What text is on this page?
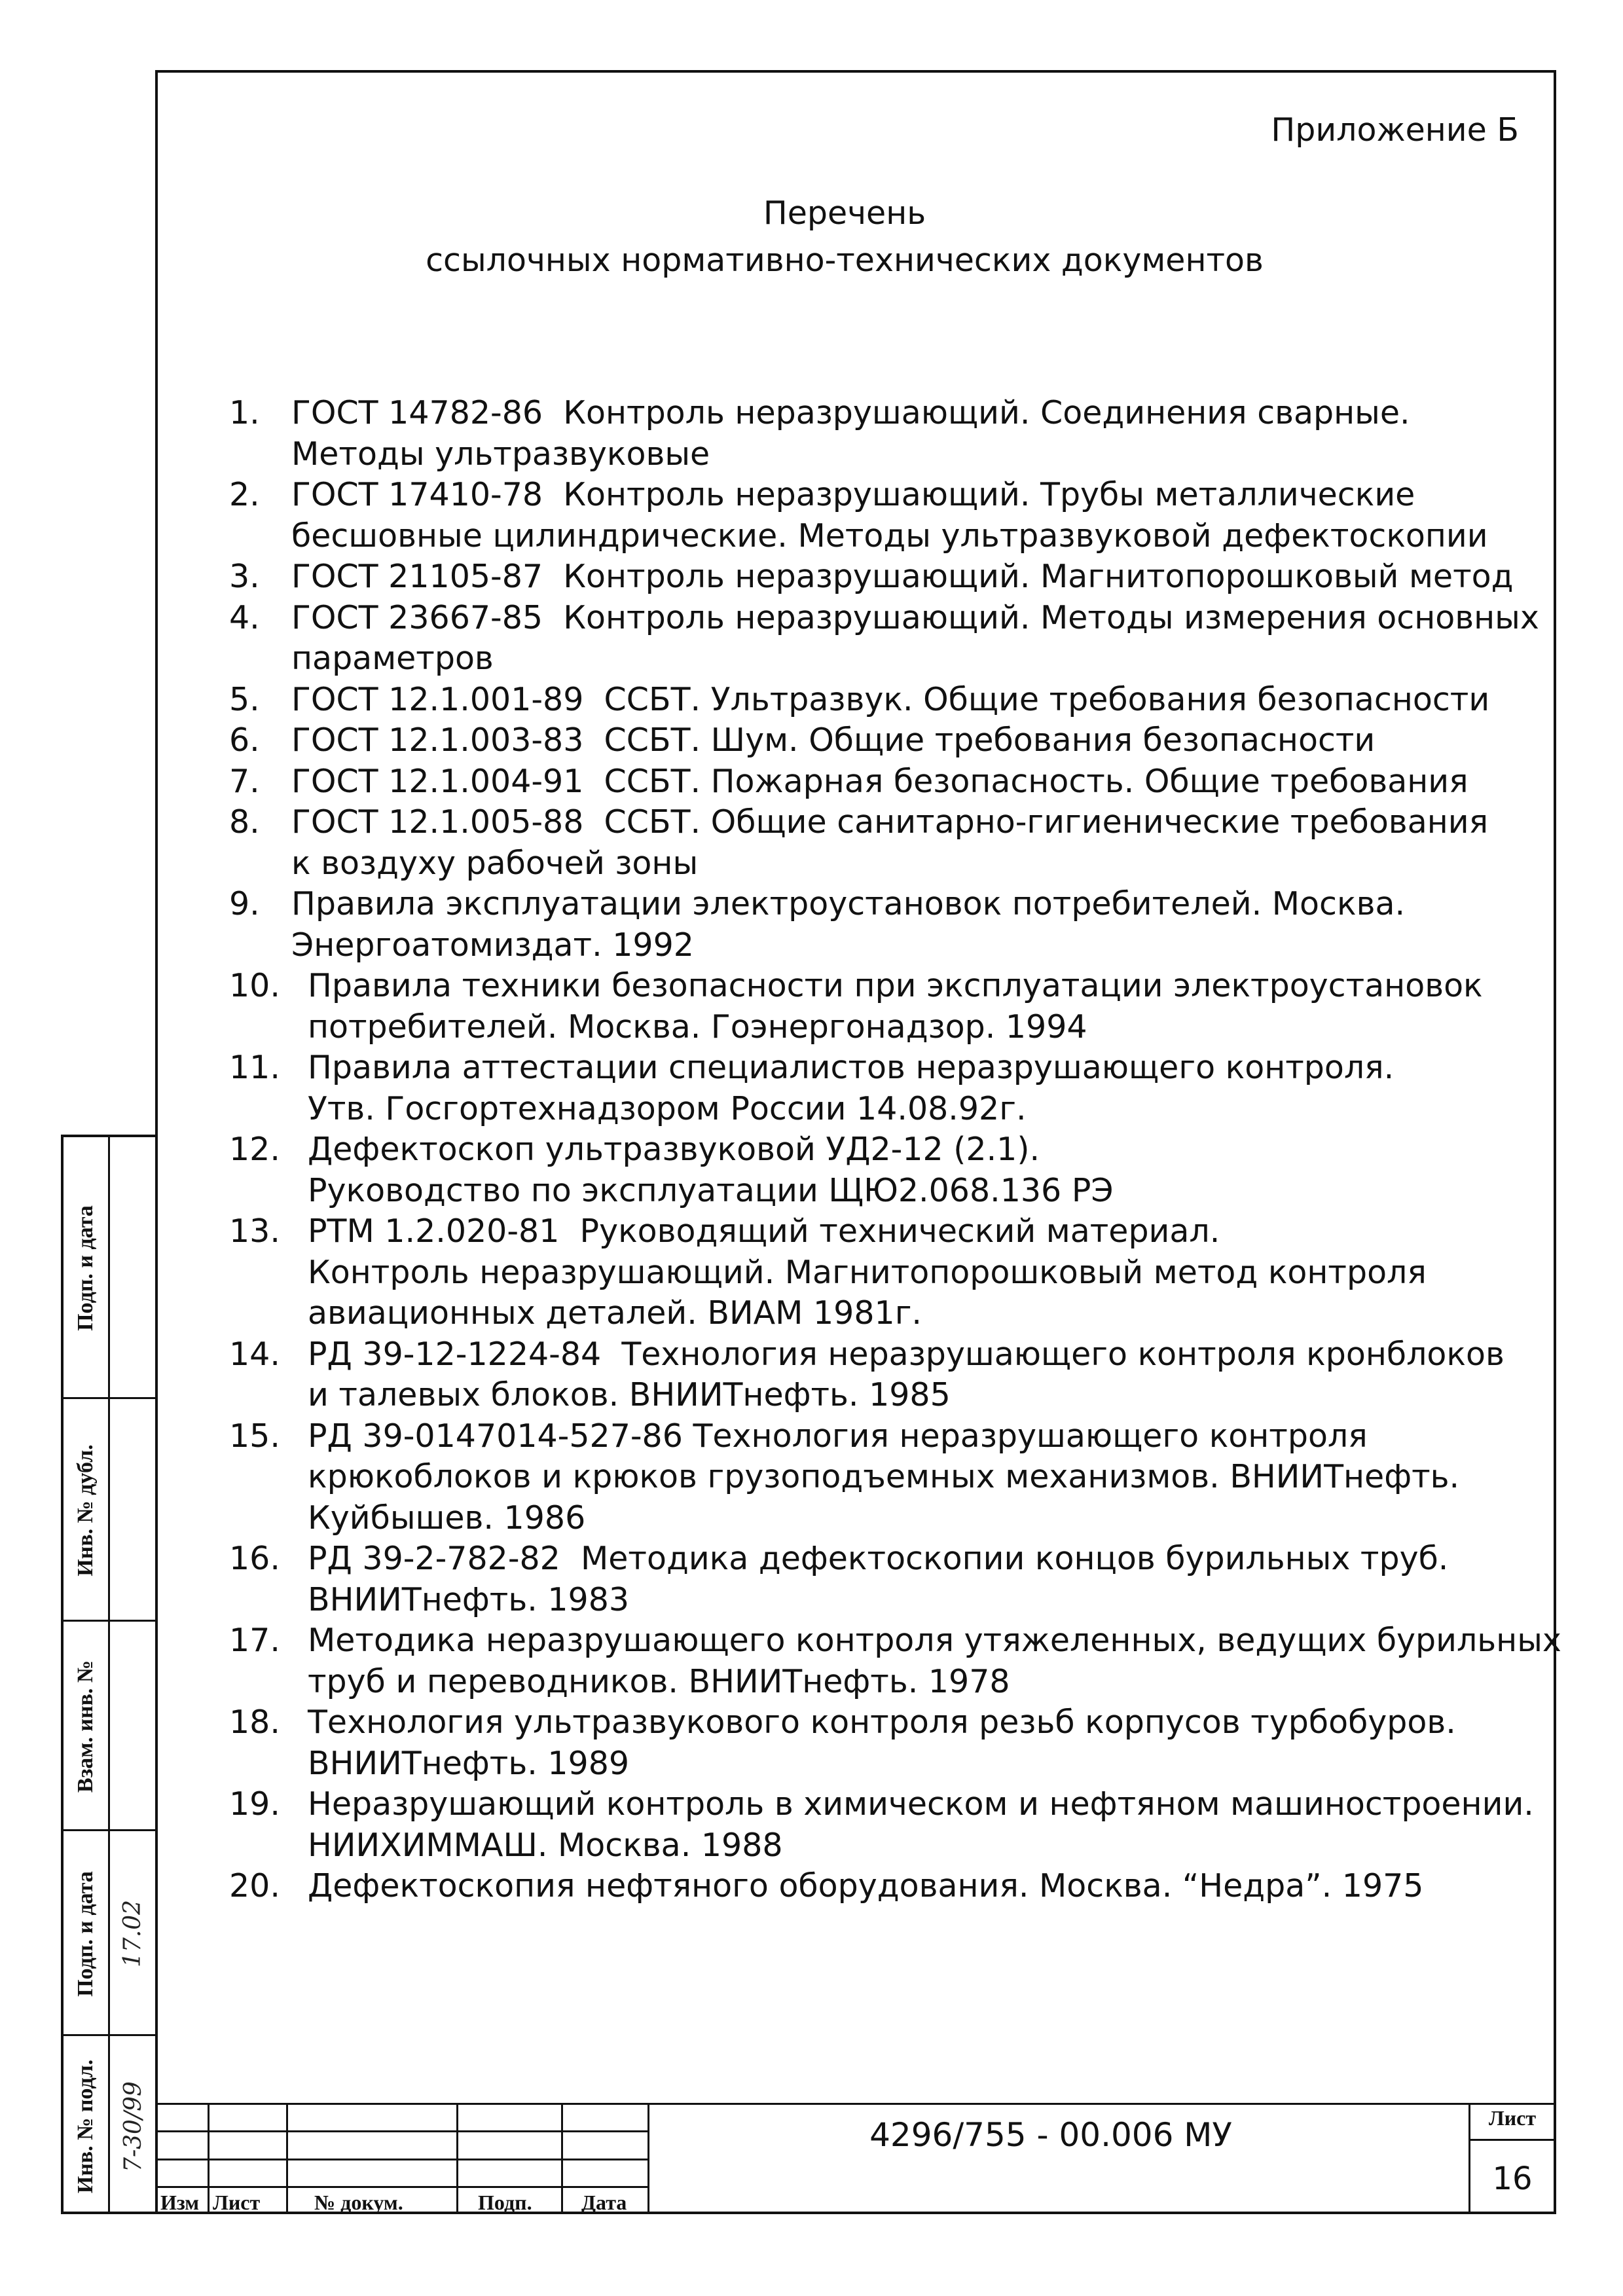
Приложение Б
Перечень
ссылочных нормативно-технических документов
1. ГОСТ 14782-86  Контроль неразрушающий. Соединения сварные.
Методы ультразвуковые
2. ГОСТ 17410-78  Контроль неразрушающий. Трубы металлические
бесшовные цилиндрические. Методы ультразвуковой дефектоскопии
3. ГОСТ 21105-87  Контроль неразрушающий. Магнитопорошковый метод
4. ГОСТ 23667-85  Контроль неразрушающий. Методы измерения основных
параметров
5. ГОСТ 12.1.001-89  ССБТ. Ультразвук. Общие требования безопасности
6. ГОСТ 12.1.003-83  ССБТ. Шум. Общие требования безопасности
7. ГОСТ 12.1.004-91  ССБТ. Пожарная безопасность. Общие требования
8. ГОСТ 12.1.005-88  ССБТ. Общие санитарно-гигиенические требования
к воздуху рабочей зоны
9. Правила эксплуатации электроустановок потребителей. Москва.
Энергоатомиздат. 1992
10. Правила техники безопасности при эксплуатации электроустановок
потребителей. Москва. Гоэнергонадзор. 1994
11. Правила аттестации специалистов неразрушающего контроля.
Утв. Госгортехнадзором России 14.08.92г.
12. Дефектоскоп ультразвуковой УД2-12 (2.1).
Руководство по эксплуатации ЩЮ2.068.136 РЭ
13. РТМ 1.2.020-81  Руководящий технический материал.
Контроль неразрушающий. Магнитопорошковый метод контроля
авиационных деталей. ВИАМ 1981г.
14. РД 39-12-1224-84  Технология неразрушающего контроля кронблоков
и талевых блоков. ВНИИТнефть. 1985
15. РД 39-0147014-527-86 Технология неразрушающего контроля
крюкоблоков и крюков грузоподъемных механизмов. ВНИИТнефть.
Куйбышев. 1986
16. РД 39-2-782-82  Методика дефектоскопии концов бурильных труб.
ВНИИТнефть. 1983
17. Методика неразрушающего контроля утяжеленных, ведущих бурильных
труб и переводников. ВНИИТнефть. 1978
18. Технология ультразвукового контроля резьб корпусов турбобуров.
ВНИИТнефть. 1989
19. Неразрушающий контроль в химическом и нефтяном машиностроении.
НИИХИММАШ. Москва. 1988
20. Дефектоскопия нефтяного оборудования. Москва. “Недра”. 1975
Подп. и дата
Инв. № дубл.
Взам. инв. №
Подп. и дата 17.02
Инв. № подл. 7-30/99
Изм Лист	№ докум.	Подп. Дата
4296/755 - 00.006 МУ	Лист
16
